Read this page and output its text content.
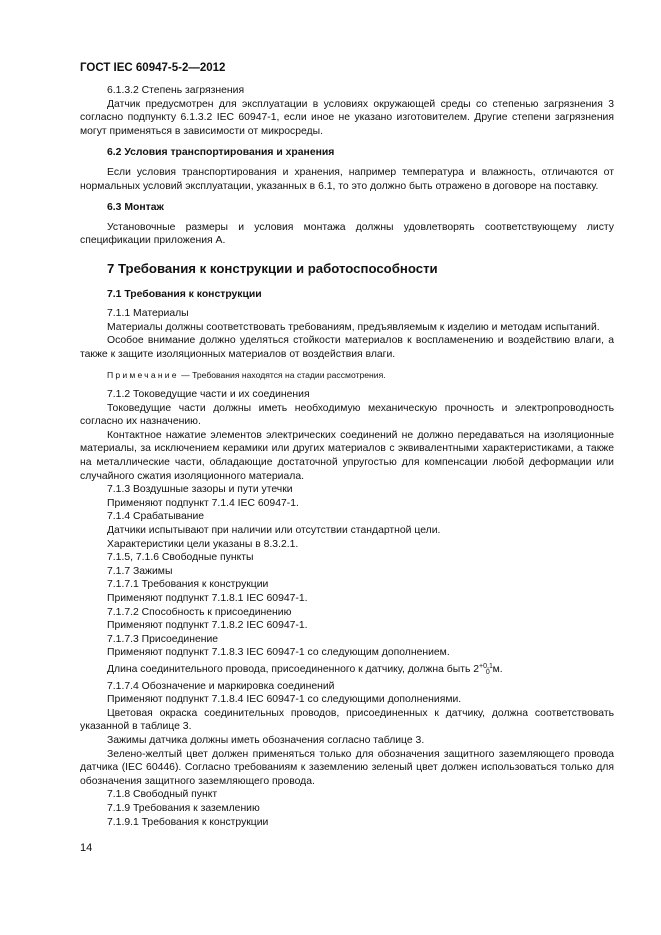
ГОСТ IEC 60947-5-2—2012

6.1.3.2 Степень загрязнения

Датчик предусмотрен для эксплуатации в условиях окружающей среды со степенью загрязнения 3 согласно подпункту 6.1.3.2 IEC 60947-1, если иное не указано изготовителем. Другие степени загрязнения могут применяться в зависимости от микросреды.

6.2 Условия транспортирования и хранения

Если условия транспортирования и хранения, например температура и влажность, отличаются от нормальных условий эксплуатации, указанных в 6.1, то это должно быть отражено в договоре на поставку.

6.3 Монтаж

Установочные размеры и условия монтажа должны удовлетворять соответствующему листу спецификации приложения А.

7 Требования к конструкции и работоспособности

7.1 Требования к конструкции

7.1.1 Материалы

Материалы должны соответствовать требованиям, предъявляемым к изделию и методам испытаний.

Особое внимание должно уделяться стойкости материалов к воспламенению и воздействию влаги, а также к защите изоляционных материалов от воздействия влаги.

Примечание — Требования находятся на стадии рассмотрения.

7.1.2 Токоведущие части и их соединения

Токоведущие части должны иметь необходимую механическую прочность и электропроводность согласно их назначению.

Контактное нажатие элементов электрических соединений не должно передаваться на изоляционные материалы, за исключением керамики или других материалов с эквивалентными характеристиками, а также на металлические части, обладающие достаточной упругостью для компенсации любой деформации или случайного сжатия изоляционного материала.

7.1.3 Воздушные зазоры и пути утечки

Применяют подпункт 7.1.4 IEC 60947-1.

7.1.4 Срабатывание

Датчики испытывают при наличии или отсутствии стандартной цели.

Характеристики цели указаны в 8.3.2.1.

7.1.5, 7.1.6 Свободные пункты

7.1.7 Зажимы

7.1.7.1 Требования к конструкции

Применяют подпункт 7.1.8.1 IEC 60947-1.

7.1.7.2 Способность к присоединению

Применяют подпункт 7.1.8.2 IEC 60947-1.

7.1.7.3 Присоединение

Применяют подпункт 7.1.8.3 IEC 60947-1 со следующим дополнением.

Длина соединительного провода, присоединенного к датчику, должна быть $2^{+0,1}_0$ м.

7.1.7.4 Обозначение и маркировка соединений

Применяют подпункт 7.1.8.4 IEC 60947-1 со следующими дополнениями.

Цветовая окраска соединительных проводов, присоединенных к датчику, должна соответствовать указанной в таблице 3.

Зажимы датчика должны иметь обозначения согласно таблице 3.

Зелено-желтый цвет должен применяться только для обозначения защитного заземляющего провода датчика (IEC 60446). Согласно требованиям к заземлению зеленый цвет должен использоваться только для обозначения защитного заземляющего провода.

7.1.8 Свободный пункт

7.1.9 Требования к заземлению

7.1.9.1 Требования к конструкции

14
